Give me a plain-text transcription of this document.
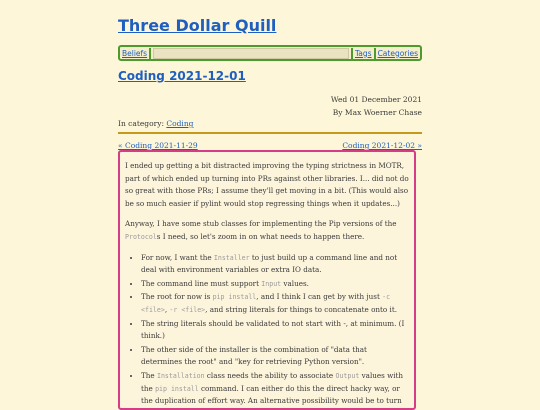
Three Dollar Quill
Beliefs	Tags Categories
Coding 2021-12-01
Wed 01 December 2021
By Max Woerner Chase
In category: Coding
« Coding 2021-11-29	Coding 2021-12-02 »

I ended up getting a bit distracted improving the typing strictness in MOTR, part of which ended up turning into PRs against other libraries. I... did not do so great with those PRs; I assume they'll get moving in a bit. (This would also be so much easier if pylint would stop regressing things when it updates...)

Anyway, I have some stub classes for implementing the Pip versions of the Protocols I need, so let's zoom in on what needs to happen there.

• For now, I want the Installer to just build up a command line and not deal with environment variables or extra IO data.
• The command line must support Input values.
• The root for now is pip install, and I think I can get by with just -c <file>, -r <file>, and string literals for things to concatenate onto it.
• The string literals should be validated to not start with -, at minimum. (I think.)
• The other side of the installer is the combination of "data that determines the root" and "key for retrieving Python version".
• The Installation class needs the ability to associate Output values with the pip install command. I can either do this the direct hacky way, or the duplication of effort way. An alternative possibility would be to turn
